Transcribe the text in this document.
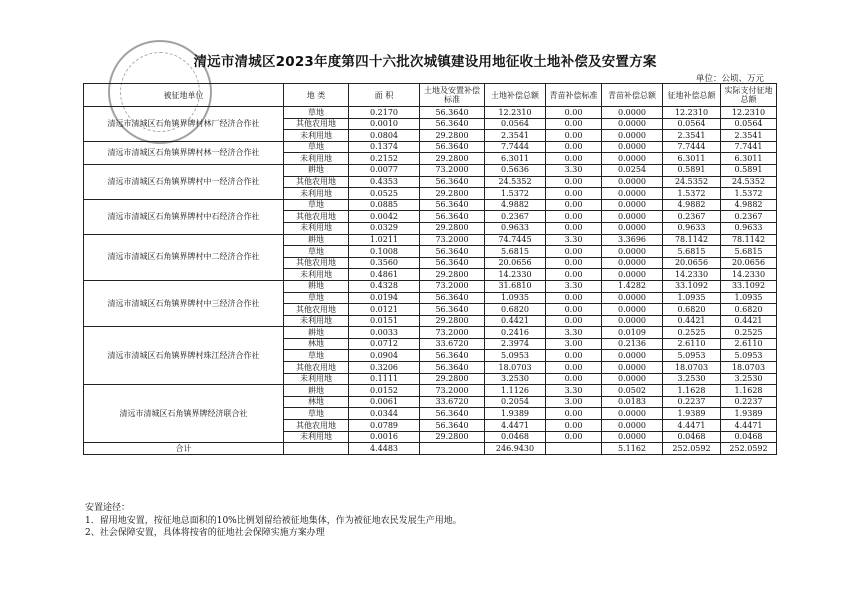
清远市清城区2023年度第四十六批次城镇建设用地征收土地补偿及安置方案
单位：公顷、万元
被征地单位	地 类	面 积	土地及安置补偿标准	土地补偿总额	青苗补偿标准	青苗补偿总额	征地补偿总额	实际支付征地总额
清远市清城区石角镇界牌村林厂经济合作社	草地	0.2170	56.3640	12.2310	0.00	0.0000	12.2310	12.2310
	其他农用地	0.0010	56.3640	0.0564	0.00	0.0000	0.0564	0.0564
	未利用地	0.0804	29.2800	2.3541	0.00	0.0000	2.3541	2.3541
清远市清城区石角镇界牌村林一经济合作社	草地	0.1374	56.3640	7.7444	0.00	0.0000	7.7444	7.7441
	未利用地	0.2152	29.2800	6.3011	0.00	0.0000	6.3011	6.3011
清远市清城区石角镇界牌村中一经济合作社	耕地	0.0077	73.2000	0.5636	3.30	0.0254	0.5891	0.5891
	其他农用地	0.4353	56.3640	24.5352	0.00	0.0000	24.5352	24.5352
	未利用地	0.0525	29.2800	1.5372	0.00	0.0000	1.5372	1.5372
清远市清城区石角镇界牌村中石经济合作社	草地	0.0885	56.3640	4.9882	0.00	0.0000	4.9882	4.9882
	其他农用地	0.0042	56.3640	0.2367	0.00	0.0000	0.2367	0.2367
	未利用地	0.0329	29.2800	0.9633	0.00	0.0000	0.9633	0.9633
清远市清城区石角镇界牌村中二经济合作社	耕地	1.0211	73.2000	74.7445	3.30	3.3696	78.1142	78.1142
	草地	0.1008	56.3640	5.6815	0.00	0.0000	5.6815	5.6815
	其他农用地	0.3560	56.3640	20.0656	0.00	0.0000	20.0656	20.0656
	未利用地	0.4861	29.2800	14.2330	0.00	0.0000	14.2330	14.2330
清远市清城区石角镇界牌村中三经济合作社	耕地	0.4328	73.2000	31.6810	3.30	1.4282	33.1092	33.1092
	草地	0.0194	56.3640	1.0935	0.00	0.0000	1.0935	1.0935
	其他农用地	0.0121	56.3640	0.6820	0.00	0.0000	0.6820	0.6820
	未利用地	0.0151	29.2800	0.4421	0.00	0.0000	0.4421	0.4421
清远市清城区石角镇界牌村珠江经济合作社	耕地	0.0033	73.2000	0.2416	3.30	0.0109	0.2525	0.2525
	林地	0.0712	33.6720	2.3974	3.00	0.2136	2.6110	2.6110
	草地	0.0904	56.3640	5.0953	0.00	0.0000	5.0953	5.0953
	其他农用地	0.3206	56.3640	18.0703	0.00	0.0000	18.0703	18.0703
	未利用地	0.1111	29.2800	3.2530	0.00	0.0000	3.2530	3.2530
清远市清城区石角镇界牌经济联合社	耕地	0.0152	73.2000	1.1126	3.30	0.0502	1.1628	1.1628
	林地	0.0061	33.6720	0.2054	3.00	0.0183	0.2237	0.2237
	草地	0.0344	56.3640	1.9389	0.00	0.0000	1.9389	1.9389
	其他农用地	0.0789	56.3640	4.4471	0.00	0.0000	4.4471	4.4471
	未利用地	0.0016	29.2800	0.0468	0.00	0.0000	0.0468	0.0468
合计		4.4483		246.9430		5.1162	252.0592	252.0592
安置途径：
1．留用地安置，按征地总面积的10%比例划留给被征地集体，作为被征地农民发展生产用地。
2、社会保障安置，具体将按省的征地社会保障实施方案办理
